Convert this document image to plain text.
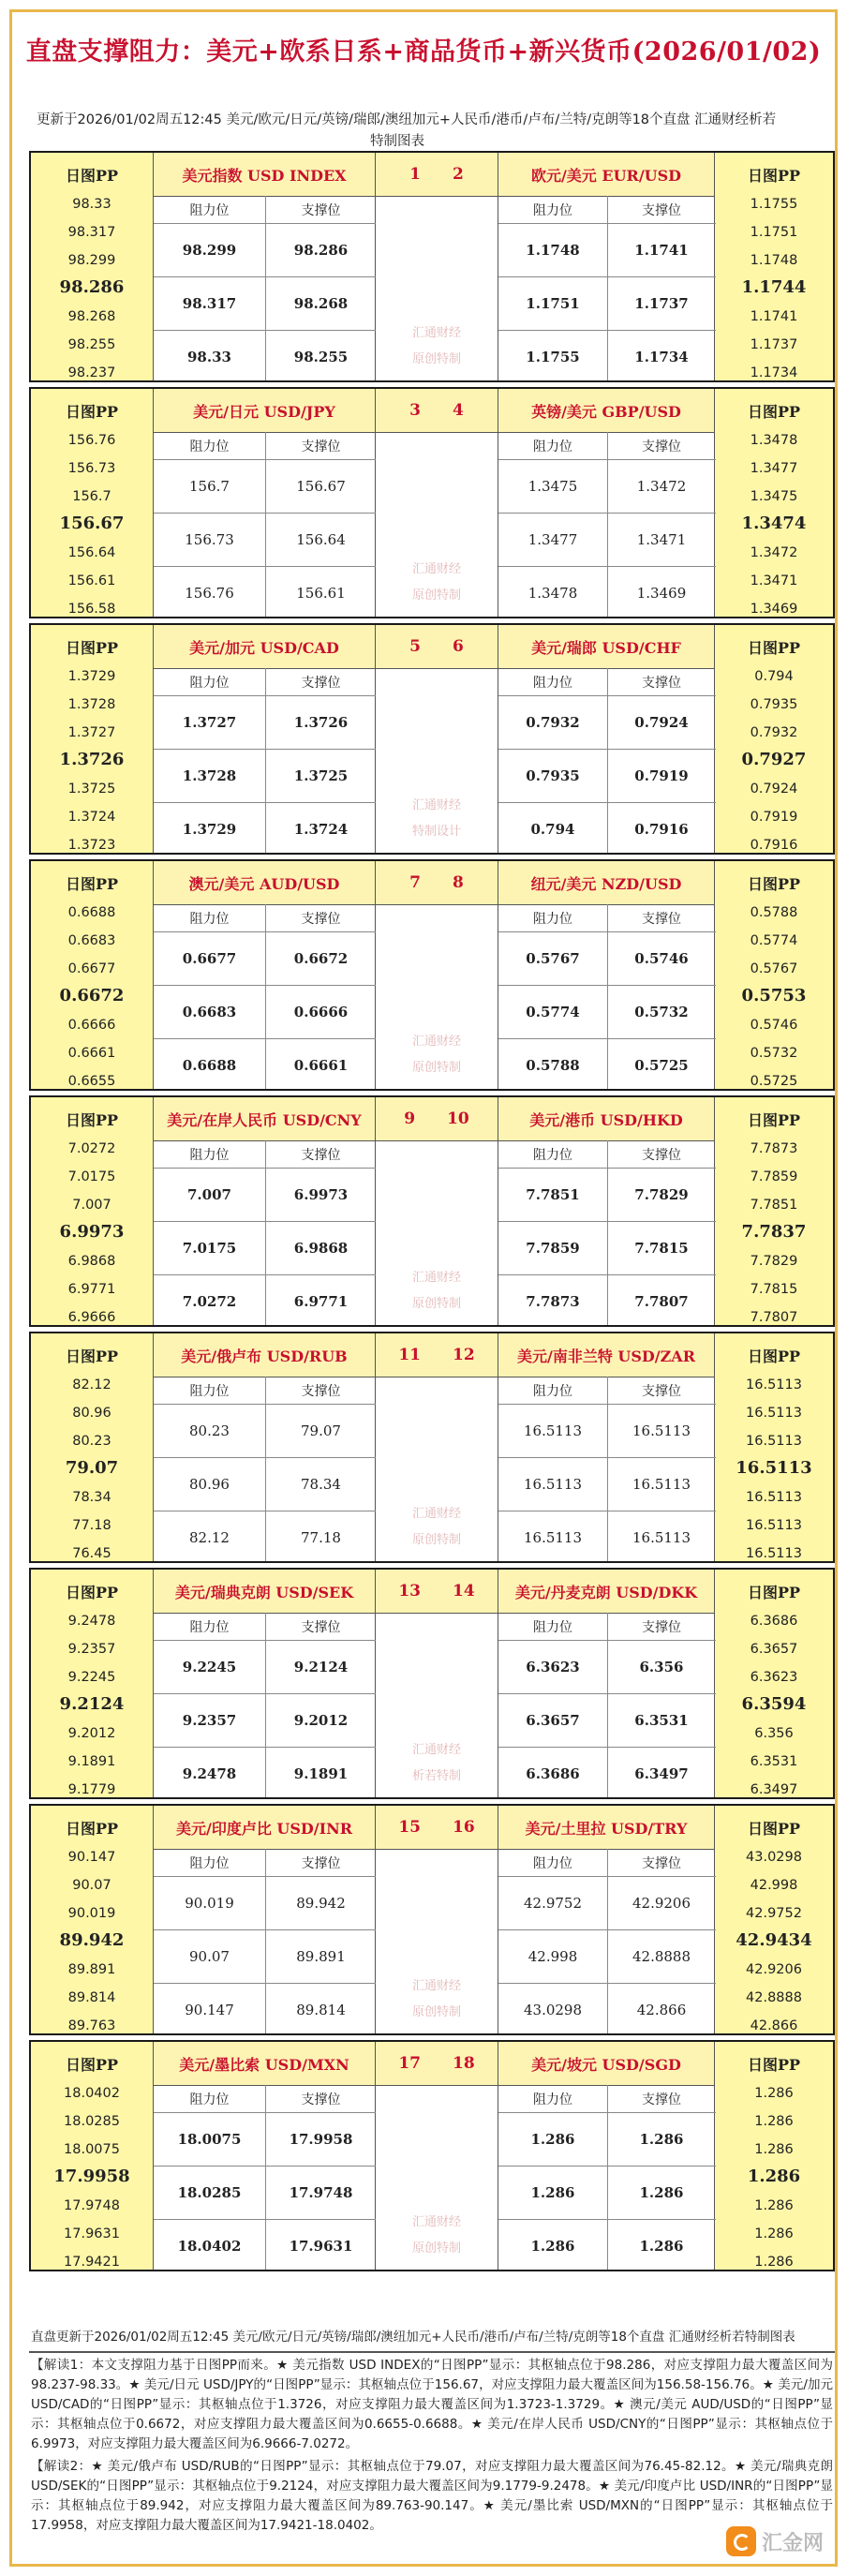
直盘支撑阻力：美元+欧系日系+商品货币+新兴货币(2026/01/02)
更新于2026/01/02周五12:45 美元/欧元/日元/英镑/瑞郎/澳纽加元+人民币/港币/卢布/兰特/克朗等18个直盘 汇通财经析若
特制图表
日图PP
98.33
98.317
98.299
98.286
98.268
98.255
98.237
日图PP
1.1755
1.1751
1.1748
1.1744
1.1741
1.1737
1.1734
美元指数 USD INDEX
阻力位	支撑位
98.299	98.286
98.317	98.268
98.33	98.255
欧元/美元 EUR/USD
阻力位	支撑位
1.1748	1.1741
1.1751	1.1737
1.1755	1.1734
1 2
汇通财经
原创特制
日图PP
156.76
156.73
156.7
156.67
156.64
156.61
156.58
日图PP
1.3478
1.3477
1.3475
1.3474
1.3472
1.3471
1.3469
美元/日元 USD/JPY
阻力位	支撑位
156.7	156.67
156.73	156.64
156.76	156.61
英镑/美元 GBP/USD
阻力位	支撑位
1.3475	1.3472
1.3477	1.3471
1.3478	1.3469
3 4
汇通财经
原创特制
日图PP
1.3729
1.3728
1.3727
1.3726
1.3725
1.3724
1.3723
日图PP
0.794
0.7935
0.7932
0.7927
0.7924
0.7919
0.7916
美元/加元 USD/CAD
阻力位	支撑位
1.3727	1.3726
1.3728	1.3725
1.3729	1.3724
美元/瑞郎 USD/CHF
阻力位	支撑位
0.7932	0.7924
0.7935	0.7919
0.794	0.7916
5 6
汇通财经
特制设计
日图PP
0.6688
0.6683
0.6677
0.6672
0.6666
0.6661
0.6655
日图PP
0.5788
0.5774
0.5767
0.5753
0.5746
0.5732
0.5725
澳元/美元 AUD/USD
阻力位	支撑位
0.6677	0.6672
0.6683	0.6666
0.6688	0.6661
纽元/美元 NZD/USD
阻力位	支撑位
0.5767	0.5746
0.5774	0.5732
0.5788	0.5725
7 8
汇通财经
原创特制
日图PP
7.0272
7.0175
7.007
6.9973
6.9868
6.9771
6.9666
日图PP
7.7873
7.7859
7.7851
7.7837
7.7829
7.7815
7.7807
美元/在岸人民币 USD/CNY
阻力位	支撑位
7.007	6.9973
7.0175	6.9868
7.0272	6.9771
美元/港币 USD/HKD
阻力位	支撑位
7.7851	7.7829
7.7859	7.7815
7.7873	7.7807
9 10
汇通财经
原创特制
日图PP
82.12
80.96
80.23
79.07
78.34
77.18
76.45
日图PP
16.5113
16.5113
16.5113
16.5113
16.5113
16.5113
16.5113
美元/俄卢布 USD/RUB
阻力位	支撑位
80.23	79.07
80.96	78.34
82.12	77.18
美元/南非兰特 USD/ZAR
阻力位	支撑位
16.5113	16.5113
16.5113	16.5113
16.5113	16.5113
11 12
汇通财经
原创特制
日图PP
9.2478
9.2357
9.2245
9.2124
9.2012
9.1891
9.1779
日图PP
6.3686
6.3657
6.3623
6.3594
6.356
6.3531
6.3497
美元/瑞典克朗 USD/SEK
阻力位	支撑位
9.2245	9.2124
9.2357	9.2012
9.2478	9.1891
美元/丹麦克朗 USD/DKK
阻力位	支撑位
6.3623	6.356
6.3657	6.3531
6.3686	6.3497
13 14
汇通财经
析若特制
日图PP
90.147
90.07
90.019
89.942
89.891
89.814
89.763
日图PP
43.0298
42.998
42.9752
42.9434
42.9206
42.8888
42.866
美元/印度卢比 USD/INR
阻力位	支撑位
90.019	89.942
90.07	89.891
90.147	89.814
美元/土里拉 USD/TRY
阻力位	支撑位
42.9752	42.9206
42.998	42.8888
43.0298	42.866
15 16
汇通财经
原创特制
日图PP
18.0402
18.0285
18.0075
17.9958
17.9748
17.9631
17.9421
日图PP
1.286
1.286
1.286
1.286
1.286
1.286
1.286
美元/墨比索 USD/MXN
阻力位	支撑位
18.0075	17.9958
18.0285	17.9748
18.0402	17.9631
美元/坡元 USD/SGD
阻力位	支撑位
1.286	1.286
1.286	1.286
1.286	1.286
17 18
汇通财经
原创特制
直盘更新于2026/01/02周五12:45 美元/欧元/日元/英镑/瑞郎/澳纽加元+人民币/港币/卢布/兰特/克朗等18个直盘 汇通财经析若特制图表

【解读1：本文支撑阻力基于日图PP而来。★ 美元指数 USD INDEX的“日图PP”显示：其枢轴点位于98.286，对应支撑阻力最大覆盖区间为98.237-98.33。★ 美元/日元 USD/JPY的“日图PP”显示：其枢轴点位于156.67，对应支撑阻力最大覆盖区间为156.58-156.76。★ 美元/加元 USD/CAD的“日图PP”显示：其枢轴点位于1.3726，对应支撑阻力最大覆盖区间为1.3723-1.3729。★ 澳元/美元 AUD/USD的“日图PP”显示：其枢轴点位于0.6672，对应支撑阻力最大覆盖区间为0.6655-0.6688。★ 美元/在岸人民币 USD/CNY的“日图PP”显示：其枢轴点位于6.9973，对应支撑阻力最大覆盖区间为6.9666-7.0272。

【解读2：★ 美元/俄卢布 USD/RUB的“日图PP”显示：其枢轴点位于79.07，对应支撑阻力最大覆盖区间为76.45-82.12。★ 美元/瑞典克朗 USD/SEK的“日图PP”显示：其枢轴点位于9.2124，对应支撑阻力最大覆盖区间为9.1779-9.2478。★ 美元/印度卢比 USD/INR的“日图PP”显示：其枢轴点位于89.942，对应支撑阻力最大覆盖区间为89.763-90.147。★ 美元/墨比索 USD/MXN的“日图PP”显示：其枢轴点位于17.9958，对应支撑阻力最大覆盖区间为17.9421-18.0402。

汇金网
